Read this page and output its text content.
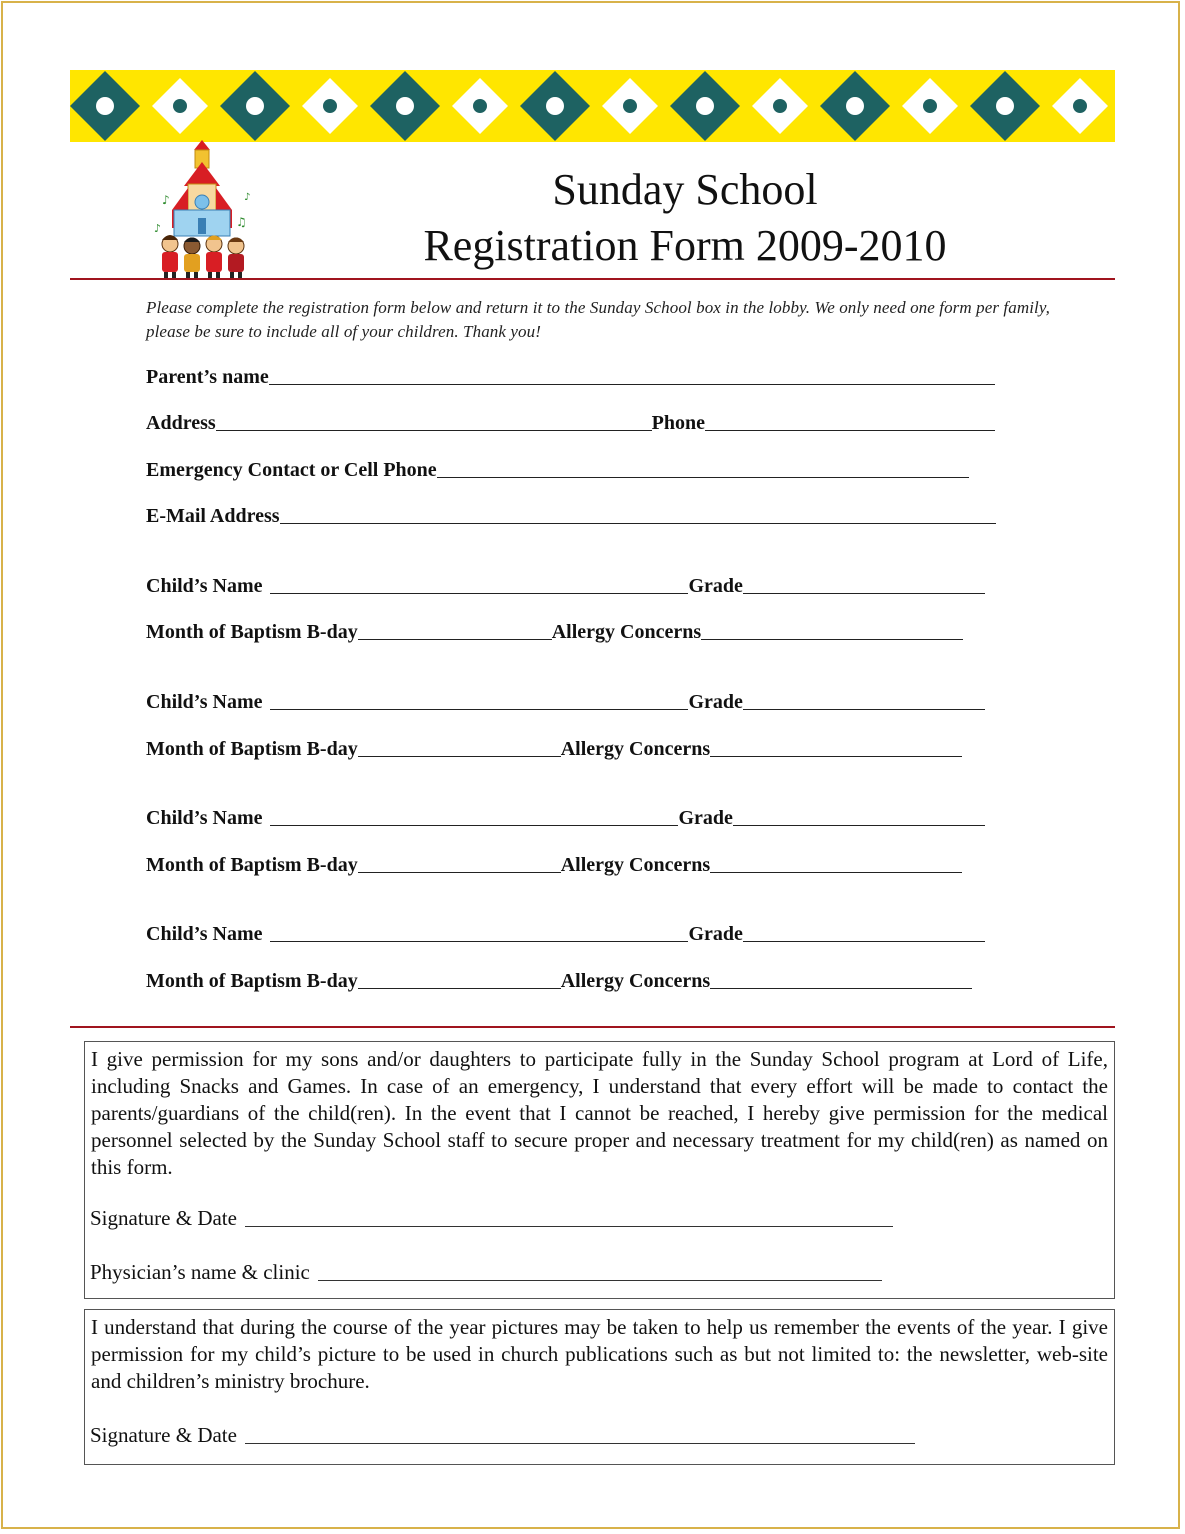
♪
♫
♪
♪	Sunday School
Registration Form 2009-2010
Please complete the registration form below and return it to the Sunday School box in the lobby. We only need one form per family, please be sure to include all of your children. Thank you!
Parent’s name
Address	Phone
Emergency Contact or Cell Phone
E-Mail Address
Child’s Name	Grade
Month of Baptism B-day	Allergy Concerns
Child’s Name	Grade
Month of Baptism B-day	Allergy Concerns
Child’s Name	Grade
Month of Baptism B-day	Allergy Concerns
Child’s Name	Grade
Month of Baptism B-day	Allergy Concerns
I give permission for my sons and/or daughters to participate fully in the Sunday School program at Lord of Life, including Snacks and Games. In case of an emergency, I understand that every effort will be made to contact the parents/guardians of the child(ren). In the event that I cannot be reached, I hereby give permission for the medical personnel selected by the Sunday School staff to secure proper and necessary treatment for my child(ren) as named on this form.
Signature & Date
Physician’s name & clinic
I understand that during the course of the year pictures may be taken to help us remember the events of the year. I give permission for my child’s picture to be used in church publications such as but not limited to: the newsletter, web-site and children’s ministry brochure.
Signature & Date
